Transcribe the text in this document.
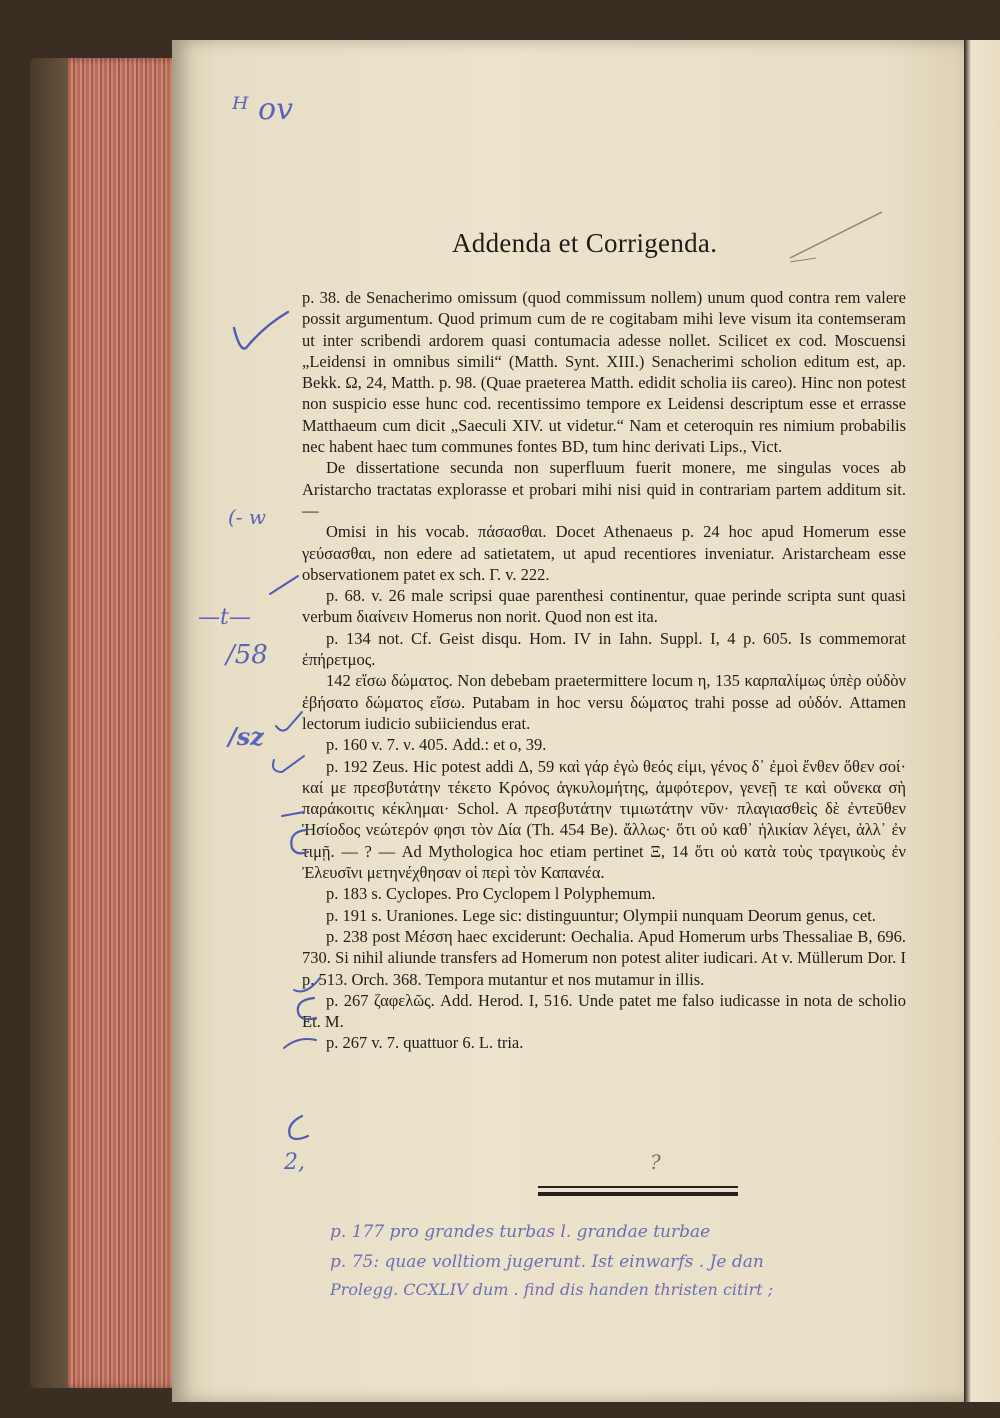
ᴴ ov
Addenda et Corrigenda.

p. 38. de Senacherimo omissum (quod commissum nollem) unum quod contra rem valere possit argumentum. Quod primum cum de re cogitabam mihi leve visum ita contemseram ut inter scribendi ardorem quasi contumacia adesse nollet. Scilicet ex cod. Moscuensi „Leidensi in omnibus simili“ (Matth. Synt. XIII.) Senacherimi scholion editum est, ap. Bekk. Ω, 24, Matth. p. 98. (Quae praeterea Matth. edidit scholia iis careo). Hinc non potest non suspicio esse hunc cod. recentissimo tempore ex Leidensi descriptum esse et errasse Matthaeum cum dicit „Saeculi XIV. ut videtur.“ Nam et ceteroquin res nimium probabilis nec habent haec tum communes fontes BD, tum hinc derivati Lips., Vict.

De dissertatione secunda non superfluum fuerit monere, me singulas voces ab Aristarcho tractatas explorasse et probari mihi nisi quid in contrariam partem additum sit. —

Omisi in his vocab. πάσασθαι. Docet Athenaeus p. 24 hoc apud Homerum esse γεύσασθαι, non edere ad satietatem, ut apud recentiores inveniatur. Aristarcheam esse observationem patet ex sch. Γ. v. 222.

p. 68. v. 26 male scripsi quae parenthesi continentur, quae perinde scripta sunt quasi verbum διαίνειν Homerus non norit. Quod non est ita.

p. 134 not. Cf. Geist disqu. Hom. IV in Iahn. Suppl. I, 4 p. 605. Is commemorat ἐπήρετμος.

142 εἴσω δώματος. Non debebam praetermittere locum η, 135 καρπαλίμως ὑπὲρ οὐδὸν ἐβήσατο δώματος εἴσω. Putabam in hoc versu δώματος trahi posse ad οὐδόν. Attamen lectorum iudicio subiiciendus erat.

p. 160 v. 7. ν. 405. Add.: et ο, 39.

p. 192 Zeus. Hic potest addi Δ, 59 καὶ γάρ ἐγὼ θεός εἰμι, γένος δ᾽ ἐμοὶ ἔνθεν ὅθεν σοί· καί με πρεσβυτάτην τέκετο Κρόνος ἀγκυλομήτης, ἀμφότερον, γενεῇ τε καὶ οὕνεκα σὴ παράκοιτις κέκλημαι· Schol. A πρεσβυτάτην τιμιωτάτην νῦν· πλαγιασθεὶς δὲ ἐντεῦθεν Ἡσίοδος νεώτερόν φησι τὸν Δία (Th. 454 Be). ἄλλως· ὅτι οὐ καθ᾽ ἡλικίαν λέγει, ἀλλ᾽ ἐν τιμῇ. — ? — Ad Mythologica hoc etiam pertinet Ξ, 14 ὅτι οὐ κατὰ τοὺς τραγικοὺς ἐν Ἐλευσῖνι μετηνέχθησαν οἱ περὶ τὸν Καπανέα.

p. 183 s. Cyclopes. Pro Cyclopem l Polyphemum.

p. 191 s. Uraniones. Lege sic: distinguuntur; Olympii nunquam Deorum genus, cet.

p. 238 post Μέσση haec exciderunt: Oechalia. Apud Homerum urbs Thessaliae B, 696. 730. Si nihil aliunde transfers ad Homerum non potest aliter iudicari. At v. Müllerum Dor. I p. 513. Orch. 368. Tempora mutantur et nos mutamur in illis.

p. 267 ζαφελῶς. Add. Herod. I, 516. Unde patet me falso iudicasse in nota de scholio Et. M.

p. 267 v. 7. quattuor 6. L. tria.

(- w
—t—
/58
/sz
2,	?
p. 177 pro grandes turbas l. grandae turbae
p. 75: quae volltiom jugerunt. Ist einwarfs . Je dan
Prolegg. CCXLIV dum . find dis handen thristen citirt ;
